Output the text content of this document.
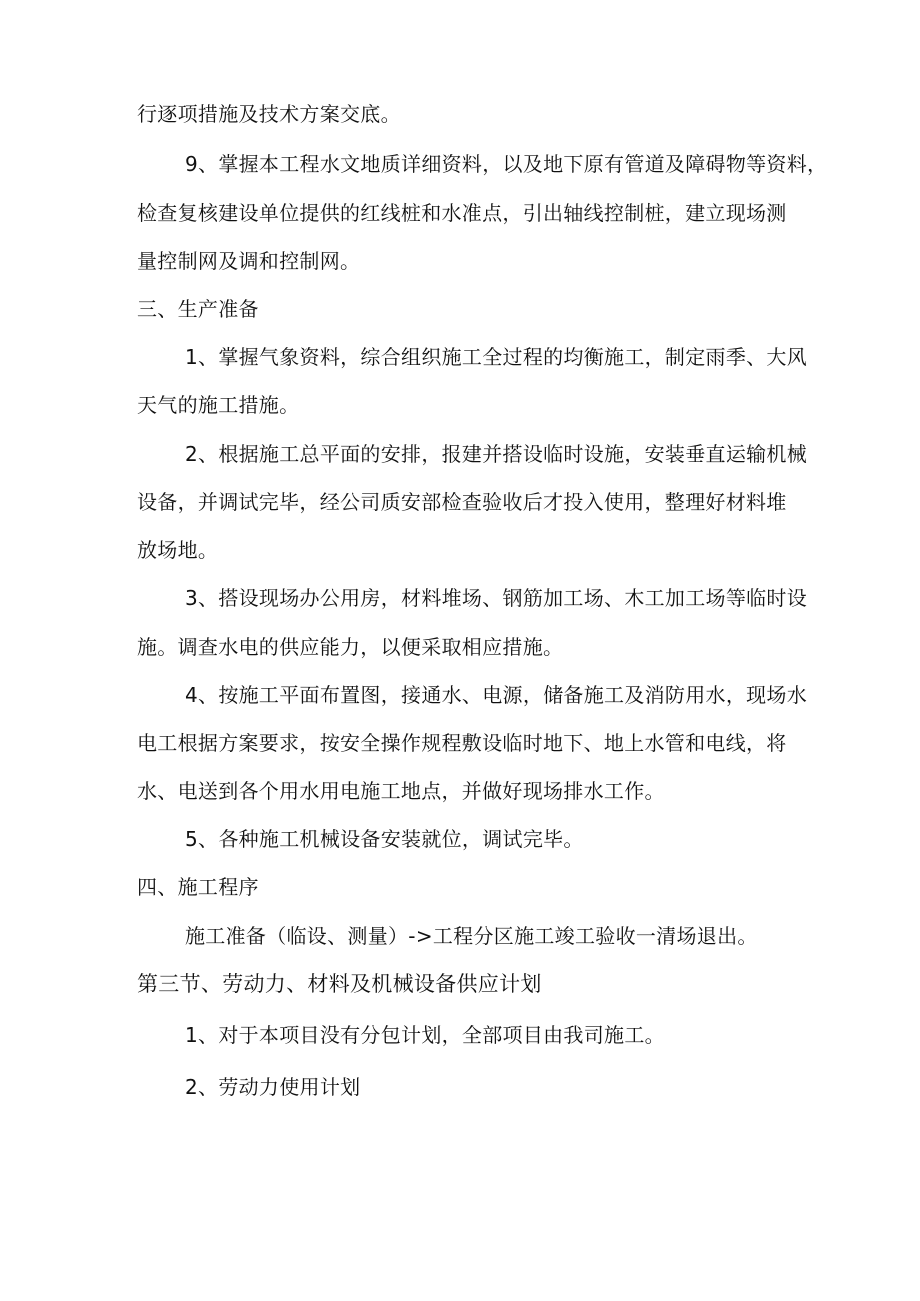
行逐项措施及技术方案交底。
9、掌握本工程水文地质详细资料，以及地下原有管道及障碍物等资料，
检查复核建设单位提供的红线桩和水准点，引出轴线控制桩，建立现场测
量控制网及调和控制网。
三、生产准备
1、掌握气象资料，综合组织施工全过程的均衡施工，制定雨季、大风
天气的施工措施。
2、根据施工总平面的安排，报建并搭设临时设施，安装垂直运输机械
设备，并调试完毕，经公司质安部检查验收后才投入使用，整理好材料堆
放场地。
3、搭设现场办公用房，材料堆场、钢筋加工场、木工加工场等临时设
施。调查水电的供应能力，以便采取相应措施。
4、按施工平面布置图，接通水、电源，储备施工及消防用水，现场水
电工根据方案要求，按安全操作规程敷设临时地下、地上水管和电线，将
水、电送到各个用水用电施工地点，并做好现场排水工作。
5、各种施工机械设备安装就位，调试完毕。
四、施工程序
施工准备（临设、测量）->工程分区施工竣工验收一清场退出。
第三节、劳动力、材料及机械设备供应计划
1、对于本项目没有分包计划，全部项目由我司施工。
2、劳动力使用计划
